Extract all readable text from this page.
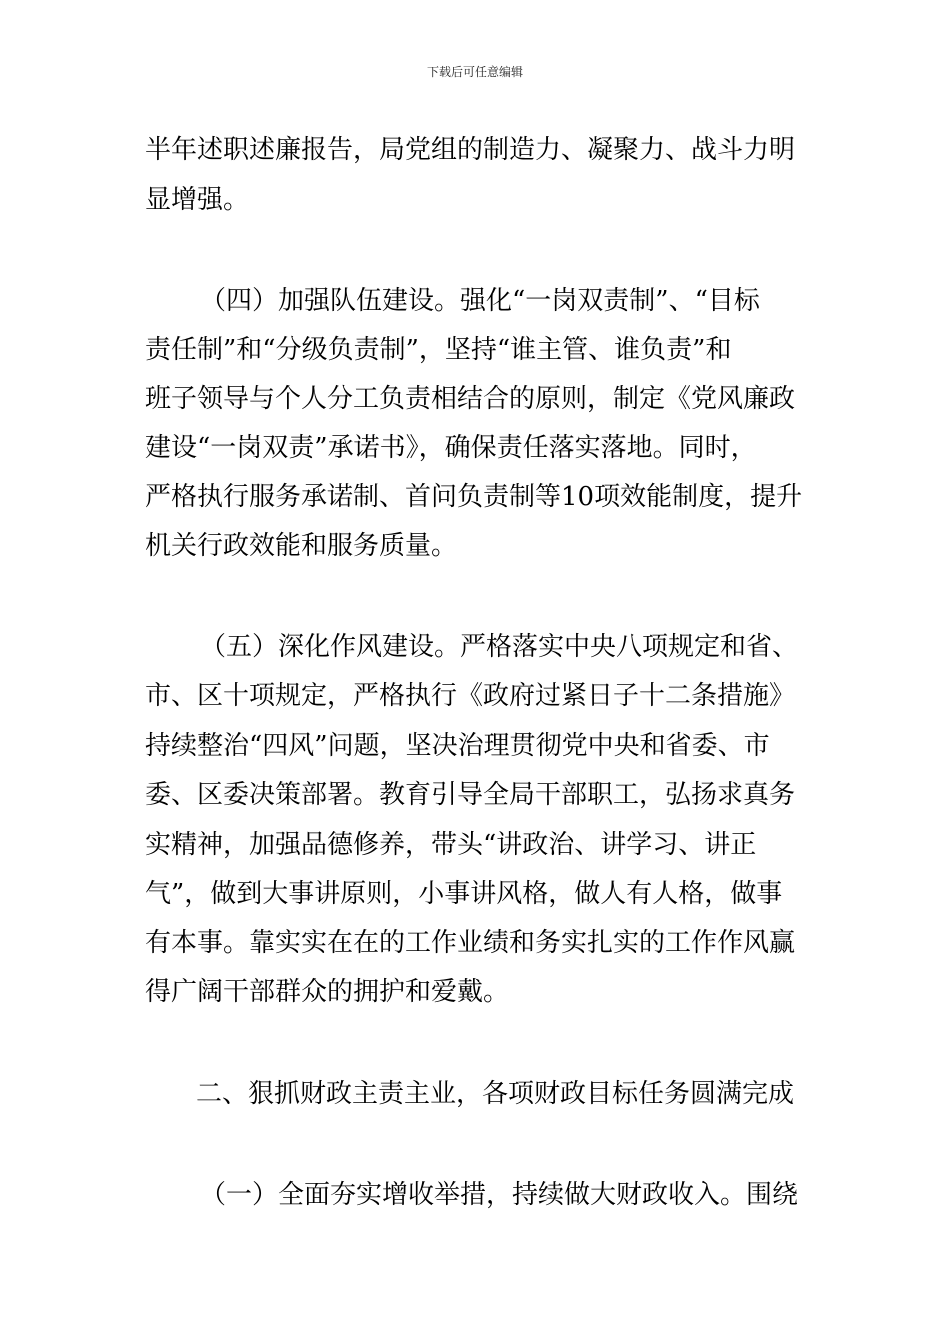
下载后可任意编辑
半年述职述廉报告，局党组的制造力、凝聚力、战斗力明
显增强。
（四）加强队伍建设。强化“一岗双责制”、“目标
责任制”和“分级负责制”，坚持“谁主管、谁负责”和
班子领导与个人分工负责相结合的原则，制定《党风廉政
建设“一岗双责”承诺书》，确保责任落实落地。同时，
严格执行服务承诺制、首问负责制等10项效能制度，提升
机关行政效能和服务质量。
（五）深化作风建设。严格落实中央八项规定和省、
市、区十项规定，严格执行《政府过紧日子十二条措施》
持续整治“四风”问题，坚决治理贯彻党中央和省委、市
委、区委决策部署。教育引导全局干部职工，弘扬求真务
实精神，加强品德修养，带头“讲政治、讲学习、讲正
气”，做到大事讲原则，小事讲风格，做人有人格，做事
有本事。靠实实在在的工作业绩和务实扎实的工作作风赢
得广阔干部群众的拥护和爱戴。
二、狠抓财政主责主业，各项财政目标任务圆满完成
（一）全面夯实增收举措，持续做大财政收入。围绕
